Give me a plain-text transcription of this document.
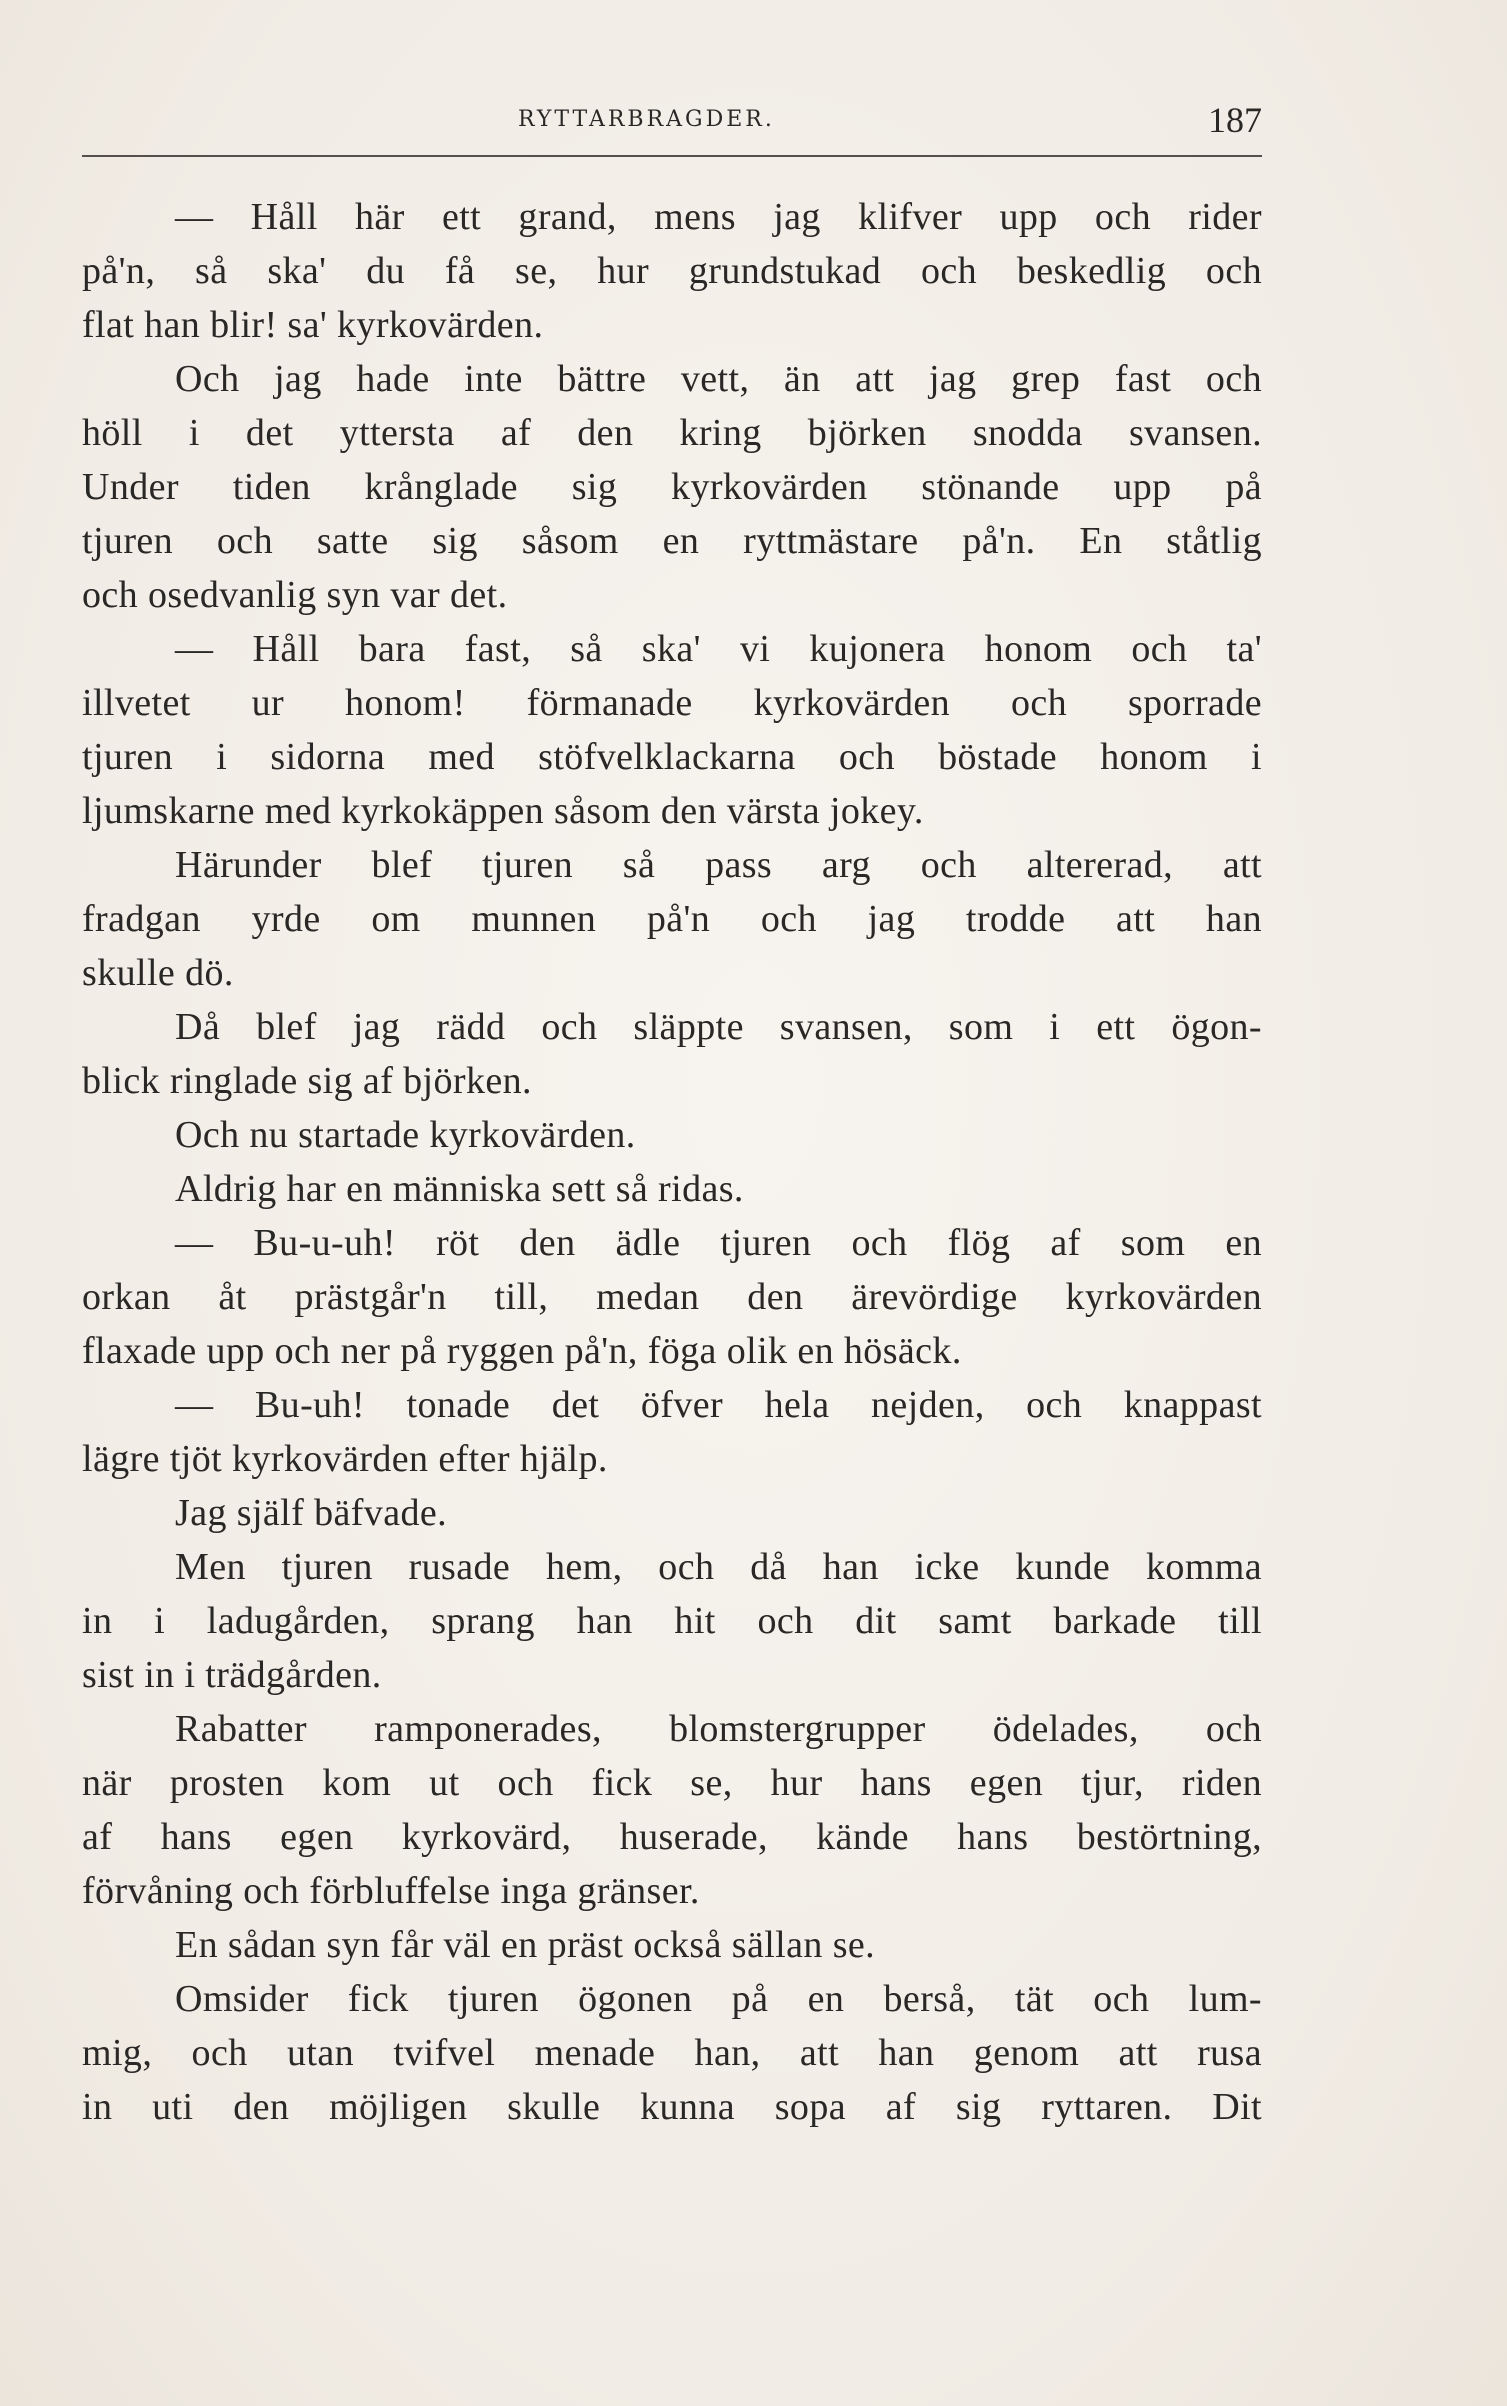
RYTTARBRAGDER.	187
— Håll här ett grand, mens jag klifver upp och rider
på'n, så ska' du få se, hur grundstukad och beskedlig och
flat han blir! sa' kyrkovärden.
Och jag hade inte bättre vett, än att jag grep fast och
höll i det yttersta af den kring björken snodda svansen.
Under tiden krånglade sig kyrkovärden stönande upp på
tjuren och satte sig såsom en ryttmästare på'n. En ståtlig
och osedvanlig syn var det.
— Håll bara fast, så ska' vi kujonera honom och ta'
illvetet ur honom! förmanade kyrkovärden och sporrade
tjuren i sidorna med stöfvelklackarna och böstade honom i
ljumskarne med kyrkokäppen såsom den värsta jokey.
Härunder blef tjuren så pass arg och altererad, att
fradgan yrde om munnen på'n och jag trodde att han
skulle dö.
Då blef jag rädd och släppte svansen, som i ett ögon-
blick ringlade sig af björken.
Och nu startade kyrkovärden.
Aldrig har en människa sett så ridas.
— Bu-u-uh! röt den ädle tjuren och flög af som en
orkan åt prästgår'n till, medan den ärevördige kyrkovärden
flaxade upp och ner på ryggen på'n, föga olik en hösäck.
— Bu-uh! tonade det öfver hela nejden, och knappast
lägre tjöt kyrkovärden efter hjälp.
Jag själf bäfvade.
Men tjuren rusade hem, och då han icke kunde komma
in i ladugården, sprang han hit och dit samt barkade till
sist in i trädgården.
Rabatter ramponerades, blomstergrupper ödelades, och
när prosten kom ut och fick se, hur hans egen tjur, riden
af hans egen kyrkovärd, huserade, kände hans bestörtning,
förvåning och förbluffelse inga gränser.
En sådan syn får väl en präst också sällan se.
Omsider fick tjuren ögonen på en berså, tät och lum-
mig, och utan tvifvel menade han, att han genom att rusa
in uti den möjligen skulle kunna sopa af sig ryttaren. Dit
